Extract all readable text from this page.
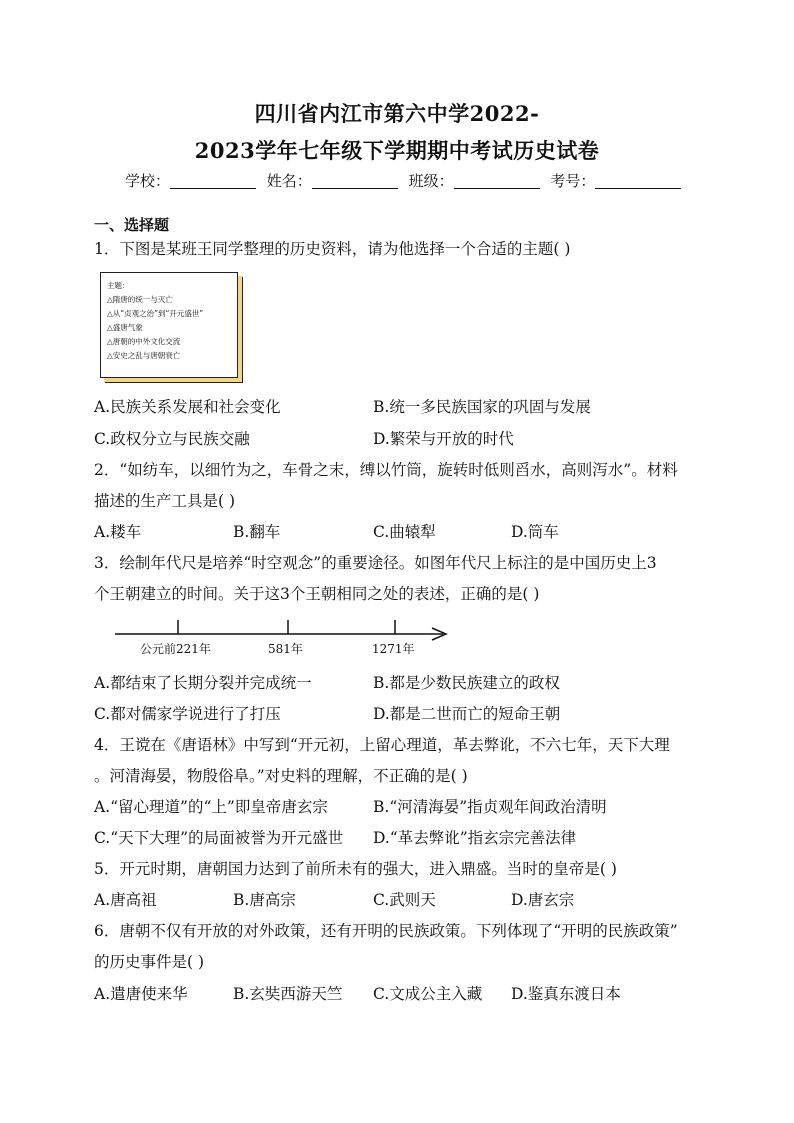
四川省内江市第六中学2022-
2023学年七年级下学期期中考试历史试卷
学校：	姓名：	班级：	考号：
一、选择题
1．下图是某班王同学整理的历史资料，请为他选择一个合适的主题( )
主题：
△隋唐的统一与灭亡
△从“贞观之治”到“开元盛世”
△盛唐气象
△唐朝的中外文化交流
△安史之乱与唐朝衰亡
A.民族关系发展和社会变化	B.统一多民族国家的巩固与发展
C.政权分立与民族交融	D.繁荣与开放的时代
2．“如纺车，以细竹为之，车骨之末，缚以竹筒，旋转时低则舀水，高则泻水”。材料
描述的生产工具是( )
A.耧车	B.翻车	C.曲辕犁	D.筒车
3．绘制年代尺是培养“时空观念”的重要途径。如图年代尺上标注的是中国历史上3
个王朝建立的时间。关于这3个王朝相同之处的表述，正确的是( )
公元前221年	581年	1271年
A.都结束了长期分裂并完成统一	B.都是少数民族建立的政权
C.都对儒家学说进行了打压	D.都是二世而亡的短命王朝
4．王谠在《唐语林》中写到“开元初，上留心理道，革去弊讹，不六七年，天下大理
。河清海晏，物殷俗阜。”对史料的理解，不正确的是( )
A.“留心理道”的“上”即皇帝唐玄宗	B.“河清海晏”指贞观年间政治清明
C.“天下大理”的局面被誉为开元盛世 D.“革去弊讹”指玄宗完善法律
5．开元时期，唐朝国力达到了前所未有的强大，进入鼎盛。当时的皇帝是( )
A.唐高祖	B.唐高宗	C.武则天	D.唐玄宗
6．唐朝不仅有开放的对外政策，还有开明的民族政策。下列体现了“开明的民族政策”
的历史事件是( )
A.遣唐使来华	B.玄奘西游天竺 C.文成公主入藏 D.鉴真东渡日本
